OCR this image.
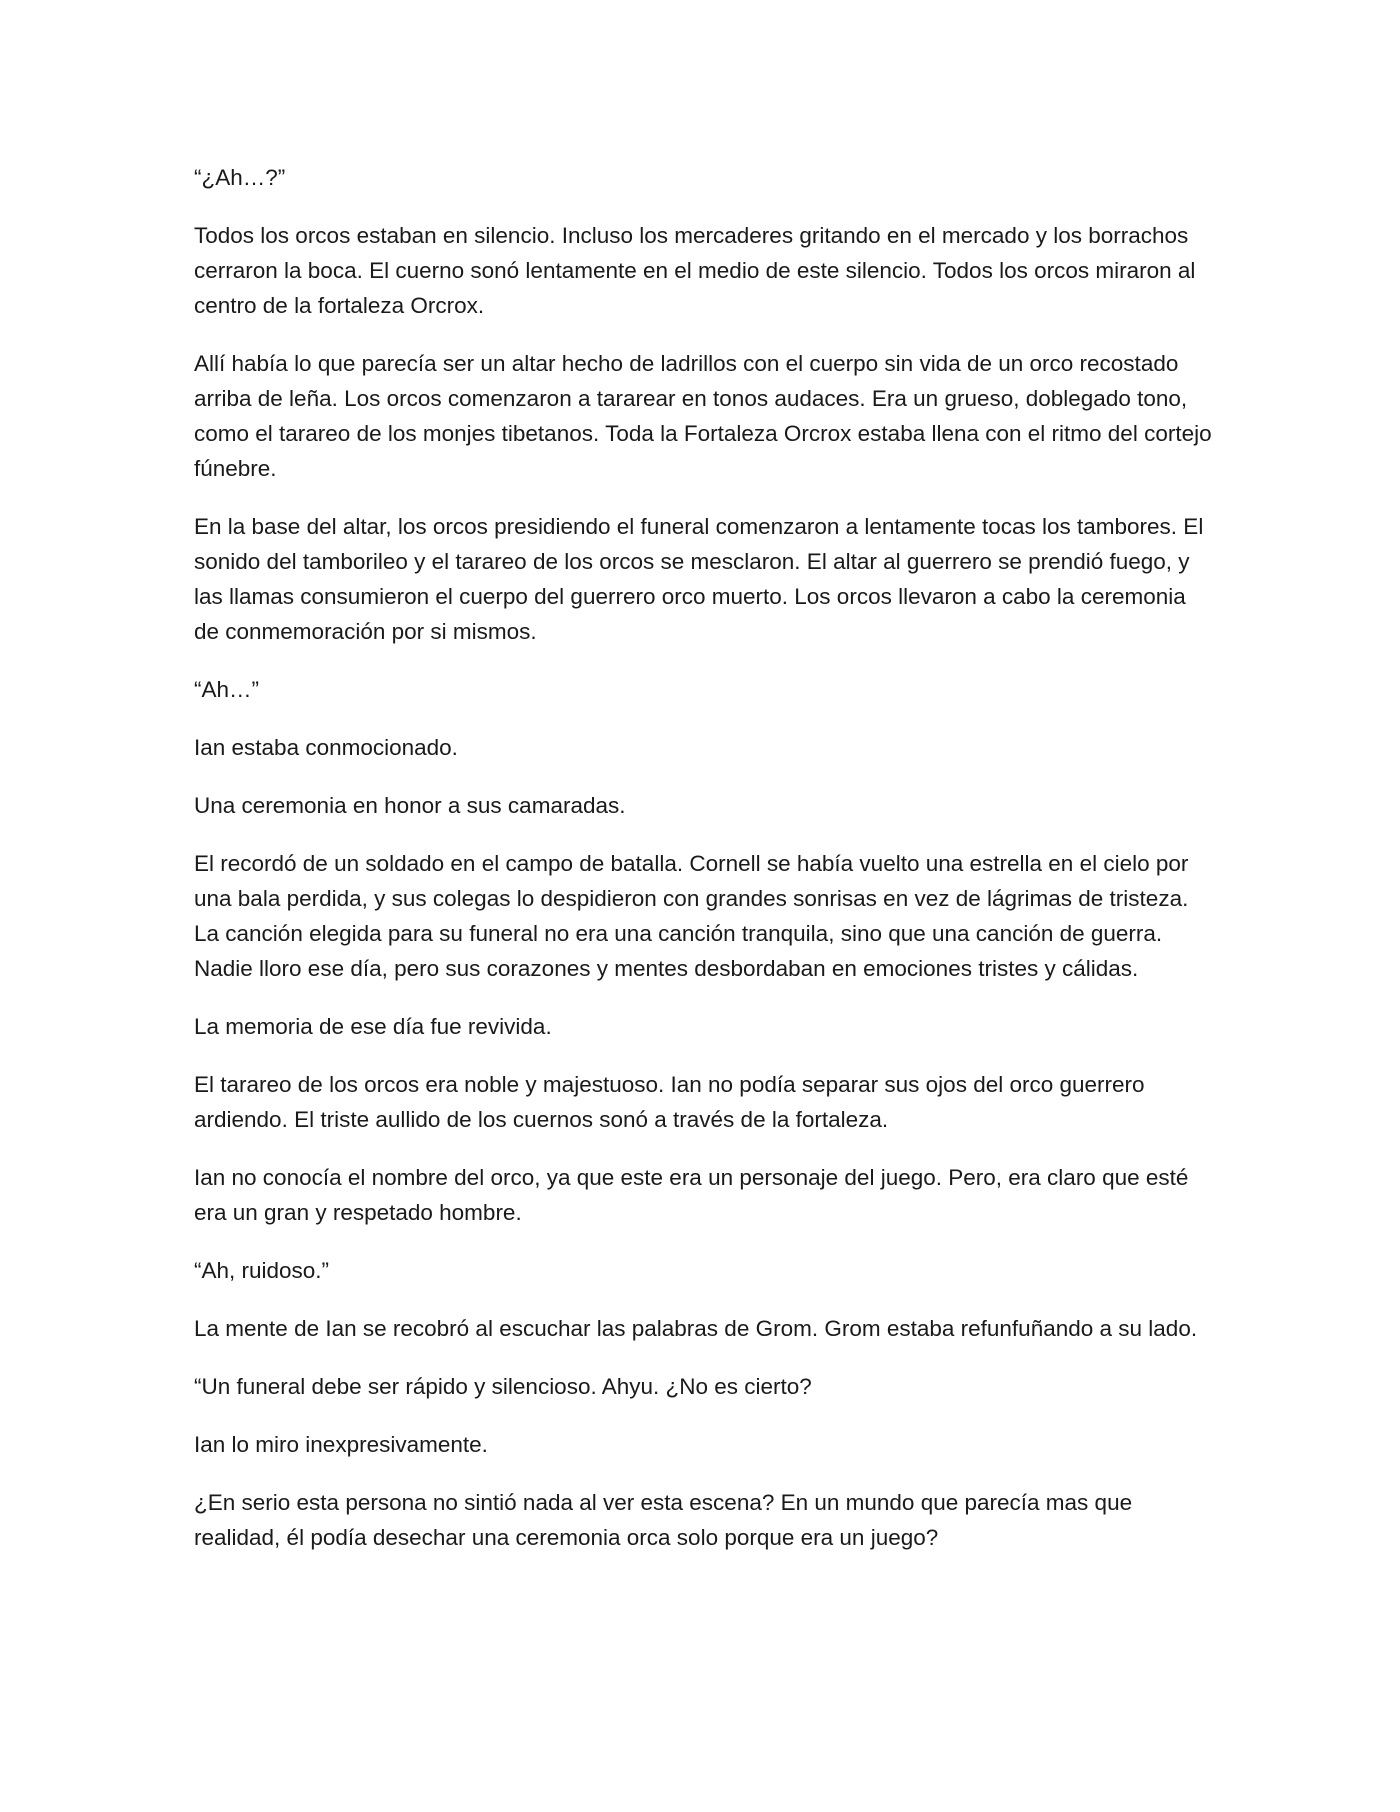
“¿Ah…?”

Todos los orcos estaban en silencio. Incluso los mercaderes gritando en el mercado y los borrachos cerraron la boca. El cuerno sonó lentamente en el medio de este silencio. Todos los orcos miraron al centro de la fortaleza Orcrox.

Allí había lo que parecía ser un altar hecho de ladrillos con el cuerpo sin vida de un orco recostado arriba de leña. Los orcos comenzaron a tararear en tonos audaces. Era un grueso, doblegado tono, como el tarareo de los monjes tibetanos. Toda la Fortaleza Orcrox estaba llena con el ritmo del cortejo fúnebre.

En la base del altar, los orcos presidiendo el funeral comenzaron a lentamente tocas los tambores. El sonido del tamborileo y el tarareo de los orcos se mesclaron. El altar al guerrero se prendió fuego, y las llamas consumieron el cuerpo del guerrero orco muerto. Los orcos llevaron a cabo la ceremonia de conmemoración por si mismos.

“Ah…”

Ian estaba conmocionado.

Una ceremonia en honor a sus camaradas.

El recordó de un soldado en el campo de batalla. Cornell se había vuelto una estrella en el cielo por una bala perdida, y sus colegas lo despidieron con grandes sonrisas en vez de lágrimas de tristeza. La canción elegida para su funeral no era una canción tranquila, sino que una canción de guerra. Nadie lloro ese día, pero sus corazones y mentes desbordaban en emociones tristes y cálidas.

La memoria de ese día fue revivida.

El tarareo de los orcos era noble y majestuoso. Ian no podía separar sus ojos del orco guerrero ardiendo. El triste aullido de los cuernos sonó a través de la fortaleza.

Ian no conocía el nombre del orco, ya que este era un personaje del juego. Pero, era claro que esté era un gran y respetado hombre.

“Ah, ruidoso.”

La mente de Ian se recobró al escuchar las palabras de Grom. Grom estaba refunfuñando a su lado.

“Un funeral debe ser rápido y silencioso. Ahyu. ¿No es cierto?

Ian lo miro inexpresivamente.

¿En serio esta persona no sintió nada al ver esta escena? En un mundo que parecía mas que realidad, él podía desechar una ceremonia orca solo porque era un juego?
